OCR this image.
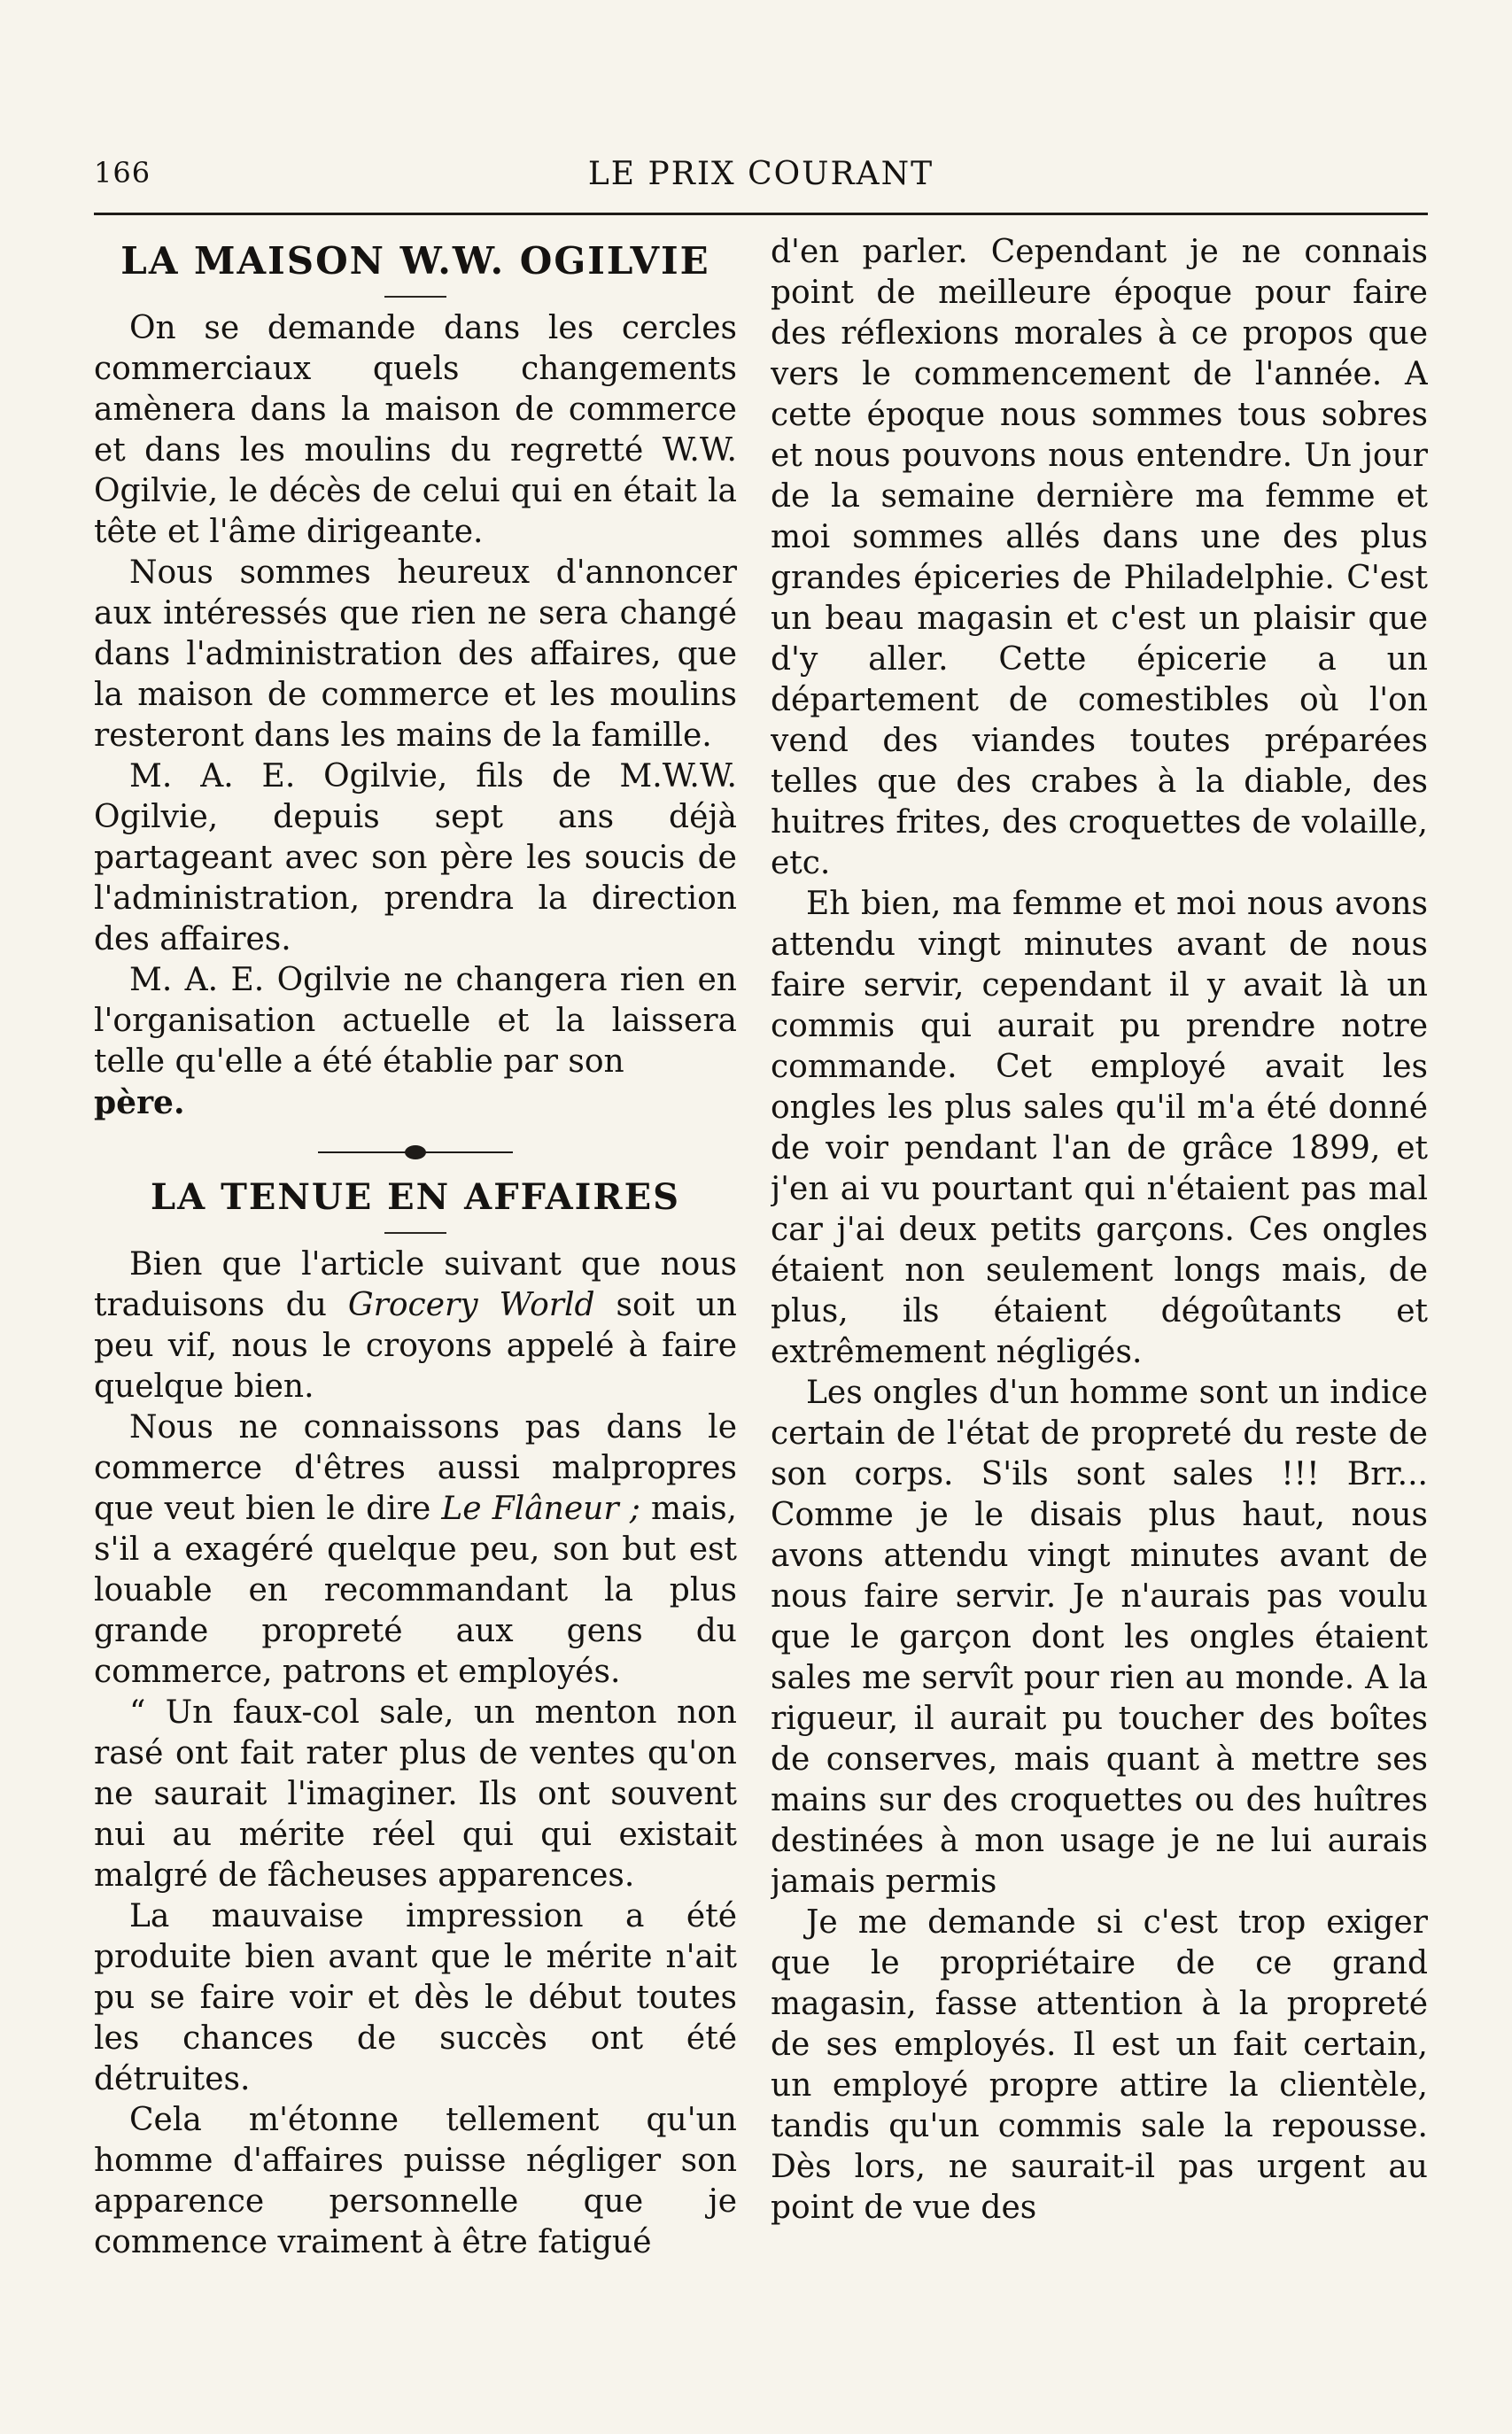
166	LE PRIX COURANT
LA MAISON W.W. OGILVIE

On se demande dans les cercles commerciaux quels changements amènera dans la maison de commerce et dans les moulins du regretté W.W. Ogilvie, le décès de celui qui en était la tête et l'âme dirigeante.

Nous sommes heureux d'annoncer aux intéressés que rien ne sera changé dans l'administration des affaires, que la maison de commerce et les moulins resteront dans les mains de la famille.

M. A. E. Ogilvie, fils de M.W.W. Ogilvie, depuis sept ans déjà partageant avec son père les soucis de l'administration, prendra la direction des affaires.

M. A. E. Ogilvie ne changera rien en l'organisation actuelle et la laissera telle qu'elle a été établie par son

père.

LA TENUE EN AFFAIRES

Bien que l'article suivant que nous traduisons du Grocery World soit un peu vif, nous le croyons appelé à faire quelque bien.

Nous ne connaissons pas dans le commerce d'êtres aussi malpropres que veut bien le dire Le Flâneur ; mais, s'il a exagéré quelque peu, son but est louable en recommandant la plus grande propreté aux gens du commerce, patrons et employés.

“ Un faux-col sale, un menton non rasé ont fait rater plus de ventes qu'on ne saurait l'imaginer. Ils ont souvent nui au mérite réel qui qui existait malgré de fâcheuses apparences.

La mauvaise impression a été produite bien avant que le mérite n'ait pu se faire voir et dès le début toutes les chances de succès ont été détruites.

Cela m'étonne tellement qu'un homme d'affaires puisse négliger son apparence personnelle que je commence vraiment à être fatigué

d'en parler. Cependant je ne connais point de meilleure époque pour faire des réflexions morales à ce propos que vers le commencement de l'année. A cette époque nous sommes tous sobres et nous pouvons nous entendre. Un jour de la semaine dernière ma femme et moi sommes allés dans une des plus grandes épiceries de Philadelphie. C'est un beau magasin et c'est un plaisir que d'y aller. Cette épicerie a un département de comestibles où l'on vend des viandes toutes préparées telles que des crabes à la diable, des huitres frites, des croquettes de volaille, etc.

Eh bien, ma femme et moi nous avons attendu vingt minutes avant de nous faire servir, cependant il y avait là un commis qui aurait pu prendre notre commande. Cet employé avait les ongles les plus sales qu'il m'a été donné de voir pendant l'an de grâce 1899, et j'en ai vu pourtant qui n'étaient pas mal car j'ai deux petits garçons. Ces ongles étaient non seulement longs mais, de plus, ils étaient dégoûtants et extrêmement négligés.

Les ongles d'un homme sont un indice certain de l'état de propreté du reste de son corps. S'ils sont sales !!! Brr... Comme je le disais plus haut, nous avons attendu vingt minutes avant de nous faire servir. Je n'aurais pas voulu que le garçon dont les ongles étaient sales me servît pour rien au monde. A la rigueur, il aurait pu toucher des boîtes de conserves, mais quant à mettre ses mains sur des croquettes ou des huîtres destinées à mon usage je ne lui aurais jamais permis

Je me demande si c'est trop exiger que le propriétaire de ce grand magasin, fasse attention à la propreté de ses employés. Il est un fait certain, un employé propre attire la clientèle, tandis qu'un commis sale la repousse. Dès lors, ne saurait-il pas urgent au point de vue des
